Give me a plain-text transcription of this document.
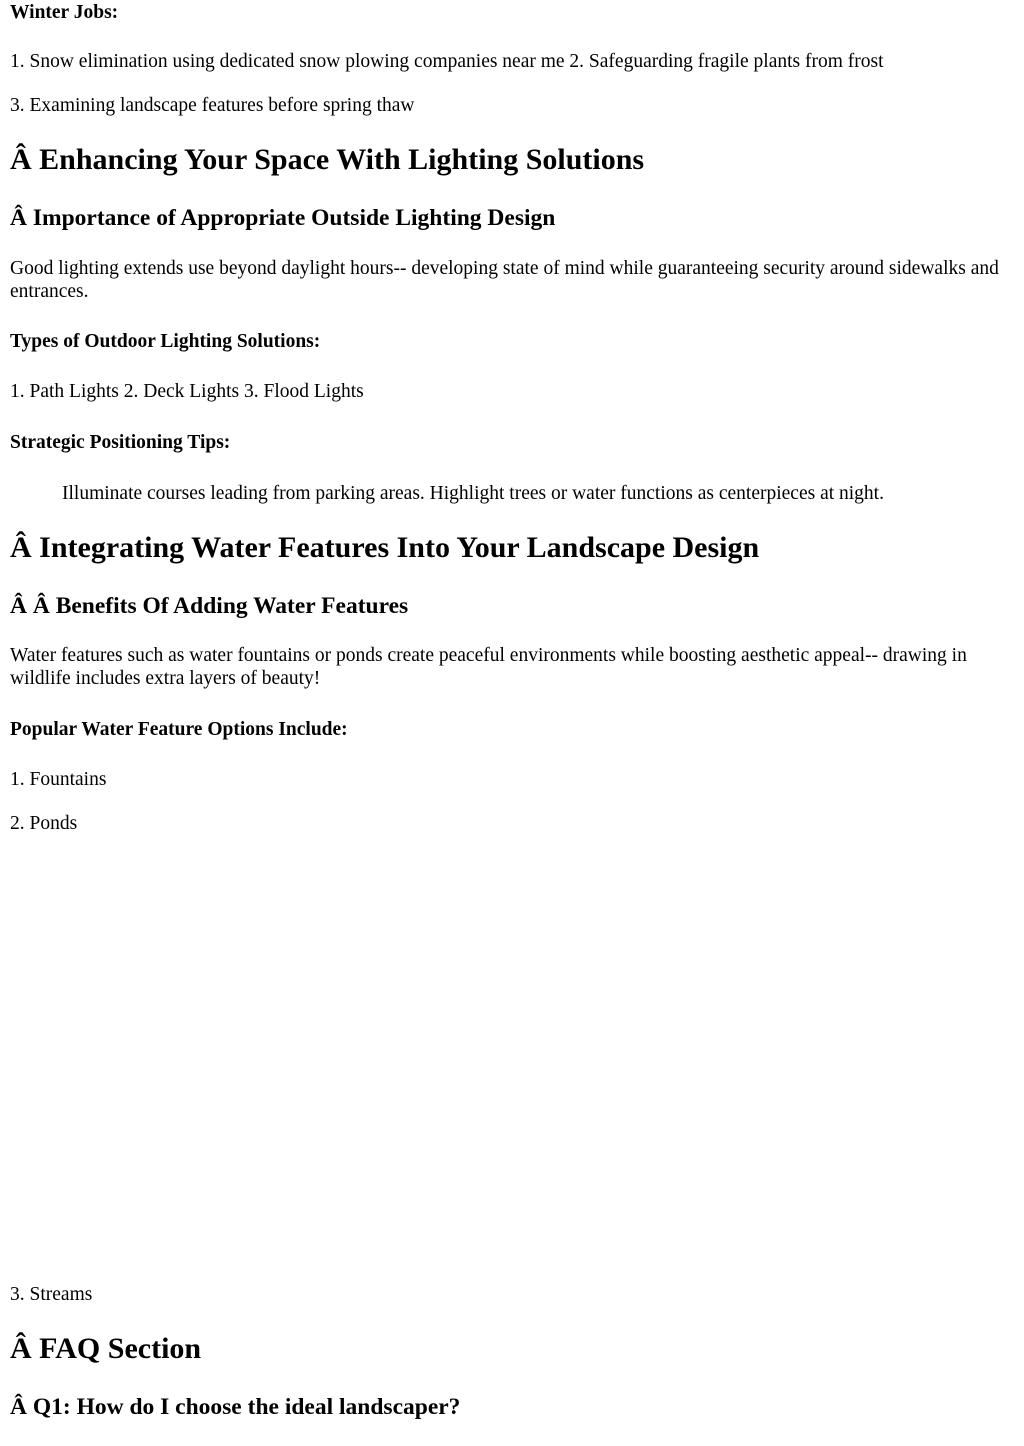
Winter Jobs:

1. Snow elimination using dedicated snow plowing companies near me 2. Safeguarding fragile plants from frost

3. Examining landscape features before spring thaw

Â Enhancing Your Space With Lighting Solutions
Â Importance of Appropriate Outside Lighting Design

Good lighting extends use beyond daylight hours-- developing state of mind while guaranteeing security around sidewalks and entrances.

Types of Outdoor Lighting Solutions:

1. Path Lights 2. Deck Lights 3. Flood Lights

Strategic Positioning Tips:

Illuminate courses leading from parking areas. Highlight trees or water functions as centerpieces at night.

Â Integrating Water Features Into Your Landscape Design
Â Â Benefits Of Adding Water Features

Water features such as water fountains or ponds create peaceful environments while boosting aesthetic appeal-- drawing in wildlife includes extra layers of beauty!

Popular Water Feature Options Include:

1. Fountains

2. Ponds

3. Streams

Â FAQ Section
Â Q1: How do I choose the ideal landscaper?
